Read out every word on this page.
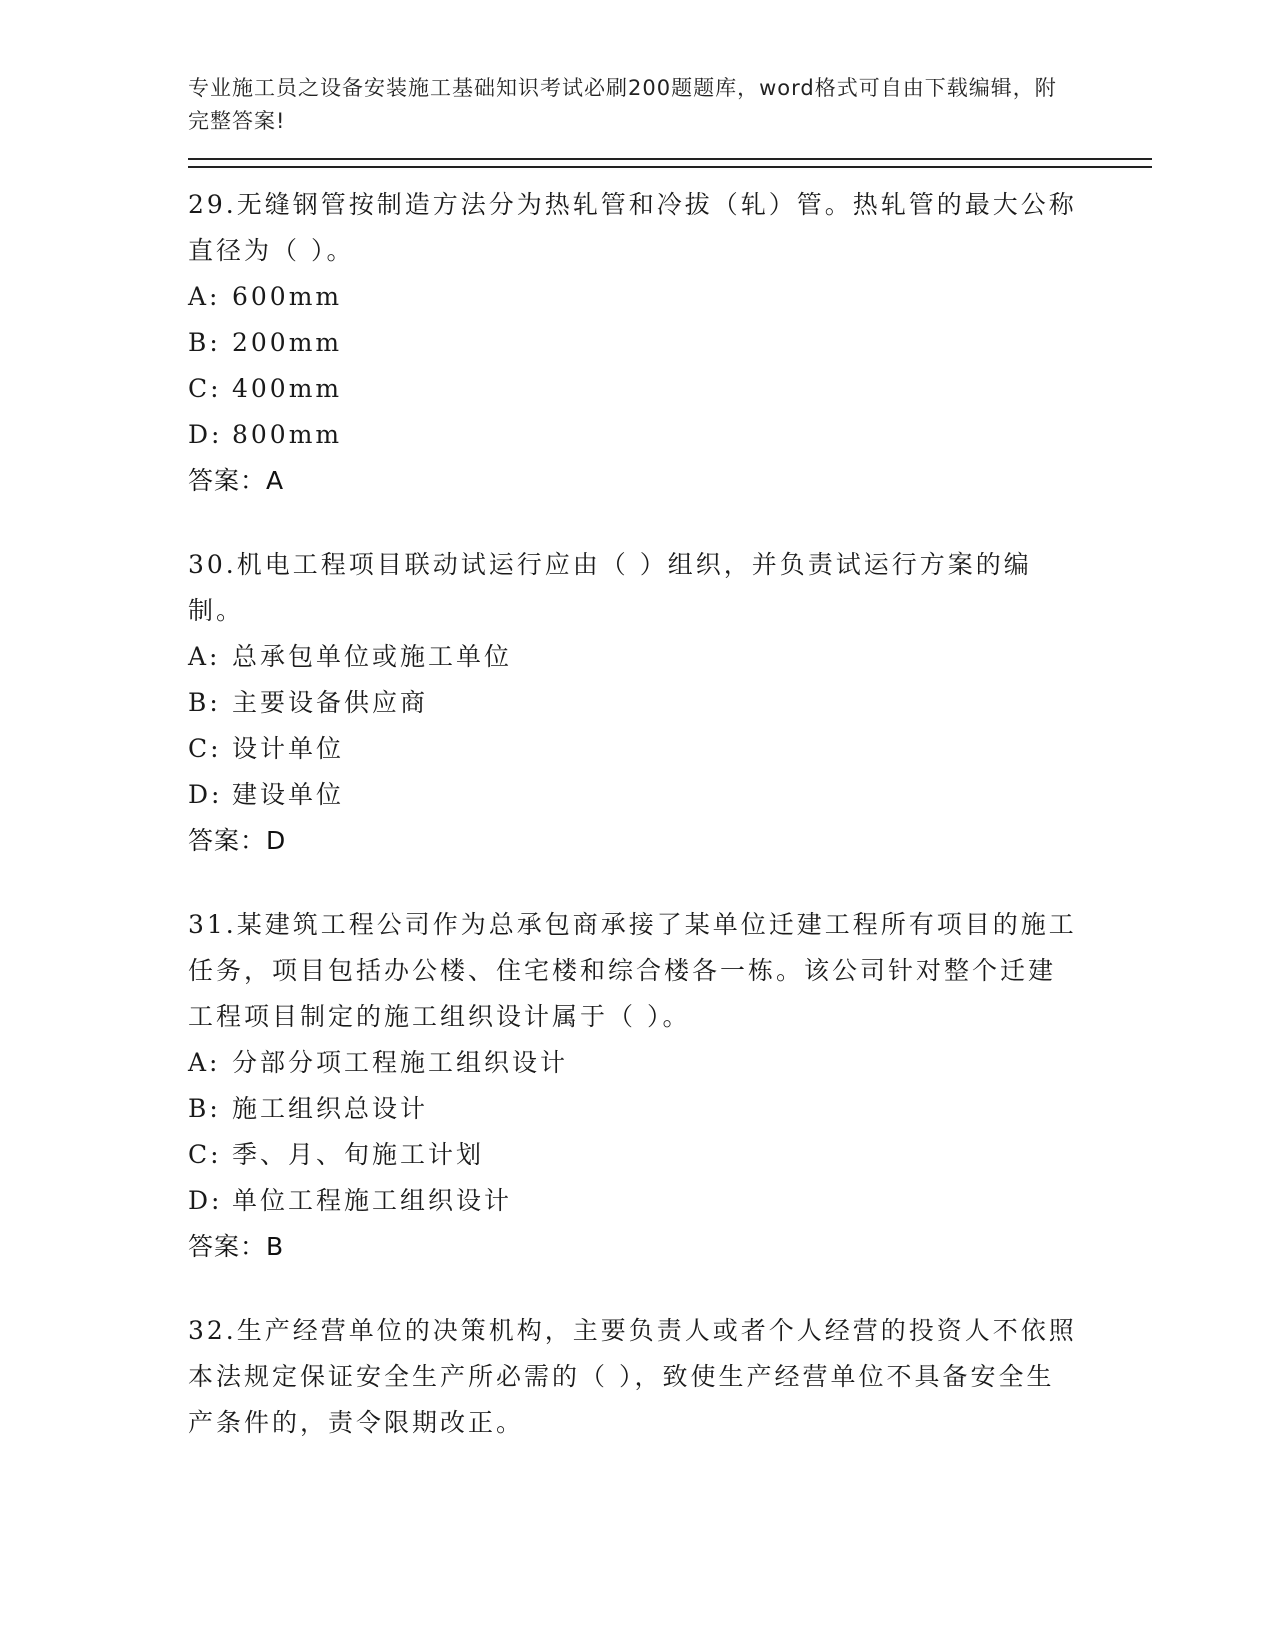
专业施工员之设备安装施工基础知识考试必刷200题题库，word格式可自由下载编辑，附完整答案!
29.无缝钢管按制造方法分为热轧管和冷拔（轧）管。热轧管的最大公称直径为（ ）。
A: 600mm
B: 200mm
C: 400mm
D: 800mm
答案：A
30.机电工程项目联动试运行应由（ ）组织，并负责试运行方案的编制。
A: 总承包单位或施工单位
B: 主要设备供应商
C: 设计单位
D: 建设单位
答案：D
31.某建筑工程公司作为总承包商承接了某单位迁建工程所有项目的施工任务，项目包括办公楼、住宅楼和综合楼各一栋。该公司针对整个迁建工程项目制定的施工组织设计属于（ ）。
A: 分部分项工程施工组织设计
B: 施工组织总设计
C: 季、月、旬施工计划
D: 单位工程施工组织设计
答案：B
32.生产经营单位的决策机构，主要负责人或者个人经营的投资人不依照本法规定保证安全生产所必需的（ ），致使生产经营单位不具备安全生产条件的，责令限期改正。
